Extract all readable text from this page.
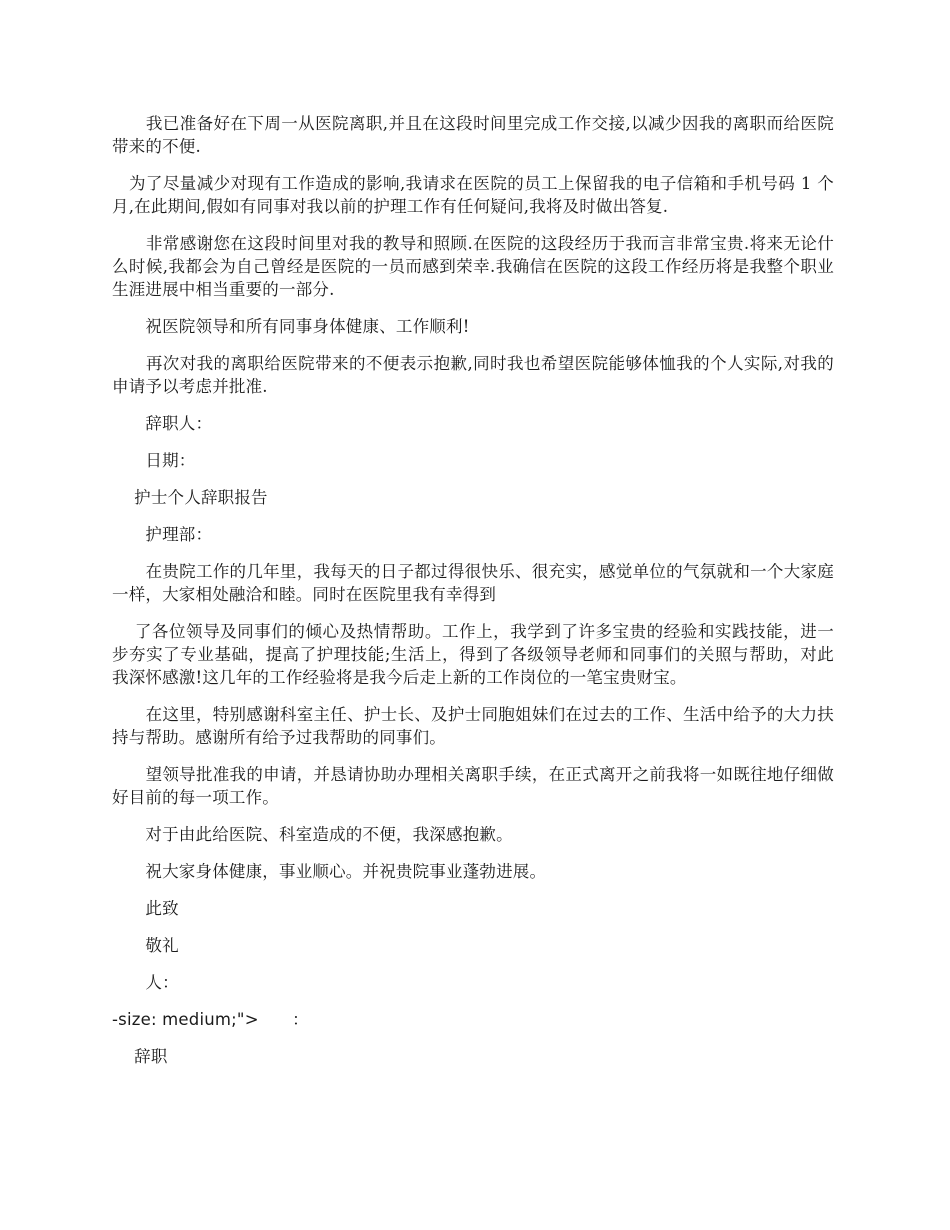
　　我已准备好在下周一从医院离职,并且在这段时间里完成工作交接,以减少因我的离职而给医院带来的不便.

　为了尽量减少对现有工作造成的影响,我请求在医院的员工上保留我的电子信箱和手机号码 1 个月,在此期间,假如有同事对我以前的护理工作有任何疑问,我将及时做出答复.

　　非常感谢您在这段时间里对我的教导和照顾.在医院的这段经历于我而言非常宝贵.将来无论什么时候,我都会为自己曾经是医院的一员而感到荣幸.我确信在医院的这段工作经历将是我整个职业生涯进展中相当重要的一部分.

　　祝医院领导和所有同事身体健康、工作顺利!

　　再次对我的离职给医院带来的不便表示抱歉,同时我也希望医院能够体恤我的个人实际,对我的申请予以考虑并批准.

　　辞职人：

　　日期：

　 护士个人辞职报告

　　护理部：

　　在贵院工作的几年里，我每天的日子都过得很快乐、很充实，感觉单位的气氛就和一个大家庭一样，大家相处融洽和睦。同时在医院里我有幸得到

　 了各位领导及同事们的倾心及热情帮助。工作上，我学到了许多宝贵的经验和实践技能，进一步夯实了专业基础，提高了护理技能;生活上，得到了各级领导老师和同事们的关照与帮助，对此我深怀感激!这几年的工作经验将是我今后走上新的工作岗位的一笔宝贵财宝。

　　在这里，特别感谢科室主任、护士长、及护士同胞姐妹们在过去的工作、生活中给予的大力扶持与帮助。感谢所有给予过我帮助的同事们。

　　望领导批准我的申请，并恳请协助办理相关离职手续，在正式离开之前我将一如既往地仔细做好目前的每一项工作。

　　对于由此给医院、科室造成的不便，我深感抱歉。

　　祝大家身体健康，事业顺心。并祝贵院事业蓬勃进展。

　　此致

　　敬礼

　　人：

-size: medium;">　　：

　 辞职
